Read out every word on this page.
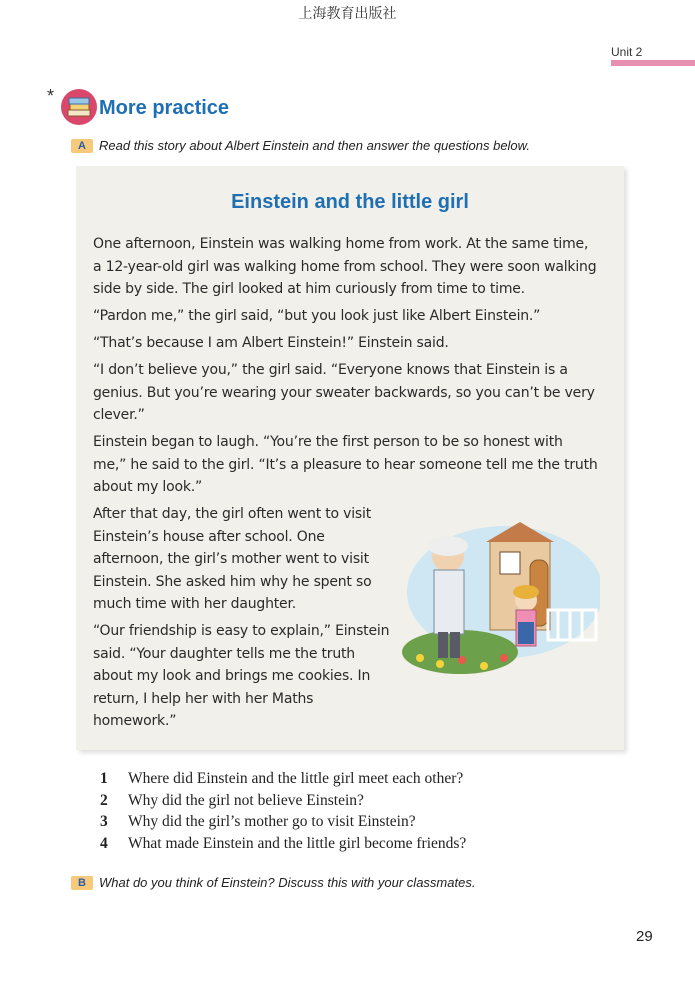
上海教育出版社
Unit 2
*
More practice
A Read this story about Albert Einstein and then answer the questions below.
Einstein and the little girl

One afternoon, Einstein was walking home from work. At the same time, a 12-year-old girl was walking home from school. They were soon walking side by side. The girl looked at him curiously from time to time.

“Pardon me,” the girl said, “but you look just like Albert Einstein.”

“That’s because I am Albert Einstein!” Einstein said.

“I don’t believe you,” the girl said. “Everyone knows that Einstein is a genius. But you’re wearing your sweater backwards, so you can’t be very clever.”

Einstein began to laugh. “You’re the first person to be so honest with me,” he said to the girl. “It’s a pleasure to hear someone tell me the truth about my look.”

After that day, the girl often went to visit Einstein’s house after school. One afternoon, the girl’s mother went to visit Einstein. She asked him why he spent so much time with her daughter.

“Our friendship is easy to explain,” Einstein said. “Your daughter tells me the truth about my look and brings me cookies. In return, I help her with her Maths homework.”

1	Where did Einstein and the little girl meet each other?
2	Why did the girl not believe Einstein?
3	Why did the girl’s mother go to visit Einstein?
4	What made Einstein and the little girl become friends?
B What do you think of Einstein? Discuss this with your classmates.
29
